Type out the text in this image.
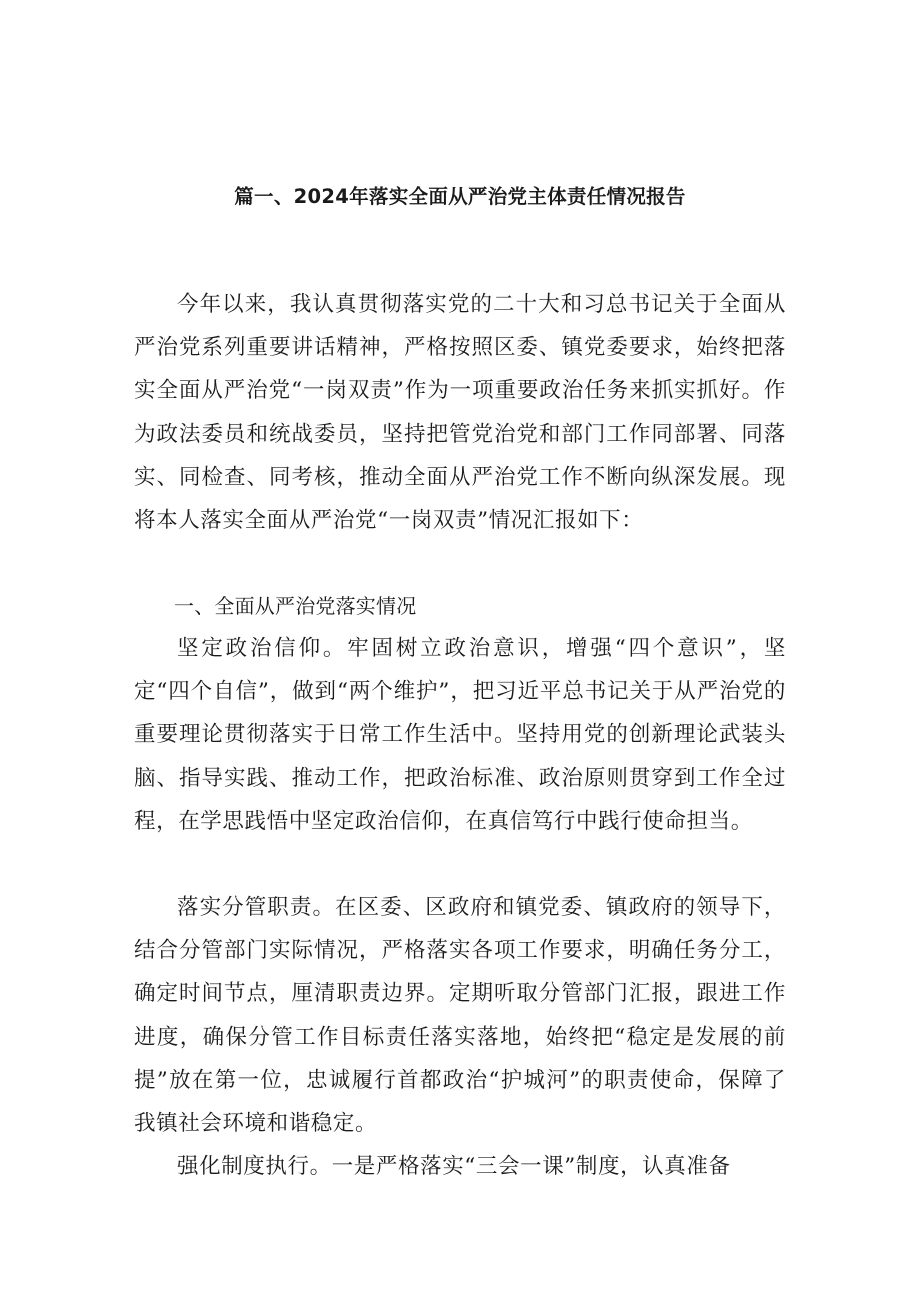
篇一、2024年落实全面从严治党主体责任情况报告

今年以来，我认真贯彻落实党的二十大和习总书记关于全面从严治党系列重要讲话精神，严格按照区委、镇党委要求，始终把落实全面从严治党“一岗双责”作为一项重要政治任务来抓实抓好。作为政法委员和统战委员，坚持把管党治党和部门工作同部署、同落实、同检查、同考核，推动全面从严治党工作不断向纵深发展。现将本人落实全面从严治党“一岗双责”情况汇报如下：

一、全面从严治党落实情况

坚定政治信仰。牢固树立政治意识，增强“四个意识”，坚定“四个自信”，做到“两个维护”，把习近平总书记关于从严治党的重要理论贯彻落实于日常工作生活中。坚持用党的创新理论武装头脑、指导实践、推动工作，把政治标准、政治原则贯穿到工作全过程，在学思践悟中坚定政治信仰，在真信笃行中践行使命担当。

落实分管职责。在区委、区政府和镇党委、镇政府的领导下，结合分管部门实际情况，严格落实各项工作要求，明确任务分工，确定时间节点，厘清职责边界。定期听取分管部门汇报，跟进工作进度，确保分管工作目标责任落实落地，始终把“稳定是发展的前提”放在第一位，忠诚履行首都政治“护城河”的职责使命，保障了我镇社会环境和谐稳定。

强化制度执行。一是严格落实“三会一课”制度，认真准备
